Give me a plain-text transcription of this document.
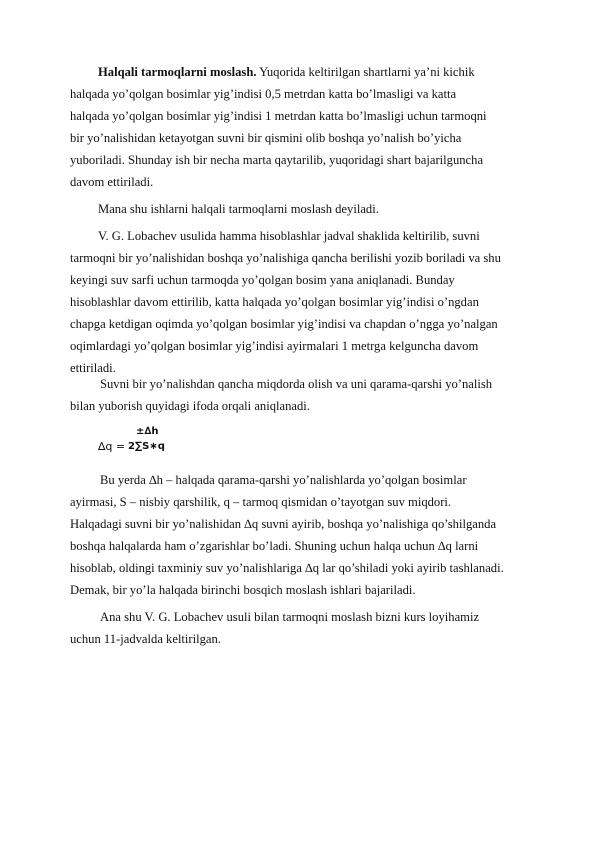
Halqali tarmoqlarni moslash. Yuqorida keltirilgan shartlarni ya’ni kichik
halqada yo’qolgan bosimlar yig’indisi 0,5 metrdan katta bo’lmasligi va katta
halqada yo’qolgan bosimlar yig’indisi 1 metrdan katta bo’lmasligi uchun tarmoqni
bir yo’nalishidan ketayotgan suvni bir qismini olib boshqa yo’nalish bo’yicha
yuboriladi. Shunday ish bir necha marta qaytarilib, yuqoridagi shart bajarilguncha
davom ettiriladi.
Mana shu ishlarni halqali tarmoqlarni moslash deyiladi.
V. G. Lobachev usulida hamma hisoblashlar jadval shaklida keltirilib, suvni
tarmoqni bir yo’nalishidan boshqa yo’nalishiga qancha berilishi yozib boriladi va shu
keyingi suv sarfi uchun tarmoqda yo’qolgan bosim yana aniqlanadi. Bunday
hisoblashlar davom ettirilib, katta halqada yo’qolgan bosimlar yig’indisi o’ngdan
chapga ketdigan oqimda yo’qolgan bosimlar yig’indisi va chapdan o’ngga yo’nalgan
oqimlardagi yo’qolgan bosimlar yig’indisi ayirmalari 1 metrga kelguncha davom
ettiriladi.
Suvni bir yo’nalishdan qancha miqdorda olish va uni qarama-qarshi yo’nalish
bilan yuborish quyidagi ifoda orqali aniqlanadi.
±∆h
∆q = 2∑S∗q
Bu yerda ∆h – halqada qarama-qarshi yo’nalishlarda yo’qolgan bosimlar
ayirmasi, S – nisbiy qarshilik, q – tarmoq qismidan o’tayotgan suv miqdori.
Halqadagi suvni bir yo’nalishidan ∆q suvni ayirib, boshqa yo’nalishiga qo’shilganda
boshqa halqalarda ham o’zgarishlar bo’ladi. Shuning uchun halqa uchun ∆q larni
hisoblab, oldingi taxminiy suv yo’nalishlariga ∆q lar qo’shiladi yoki ayirib tashlanadi.
Demak, bir yo’la halqada birinchi bosqich moslash ishlari bajariladi.
Ana shu V. G. Lobachev usuli bilan tarmoqni moslash bizni kurs loyihamiz
uchun 11-jadvalda keltirilgan.
